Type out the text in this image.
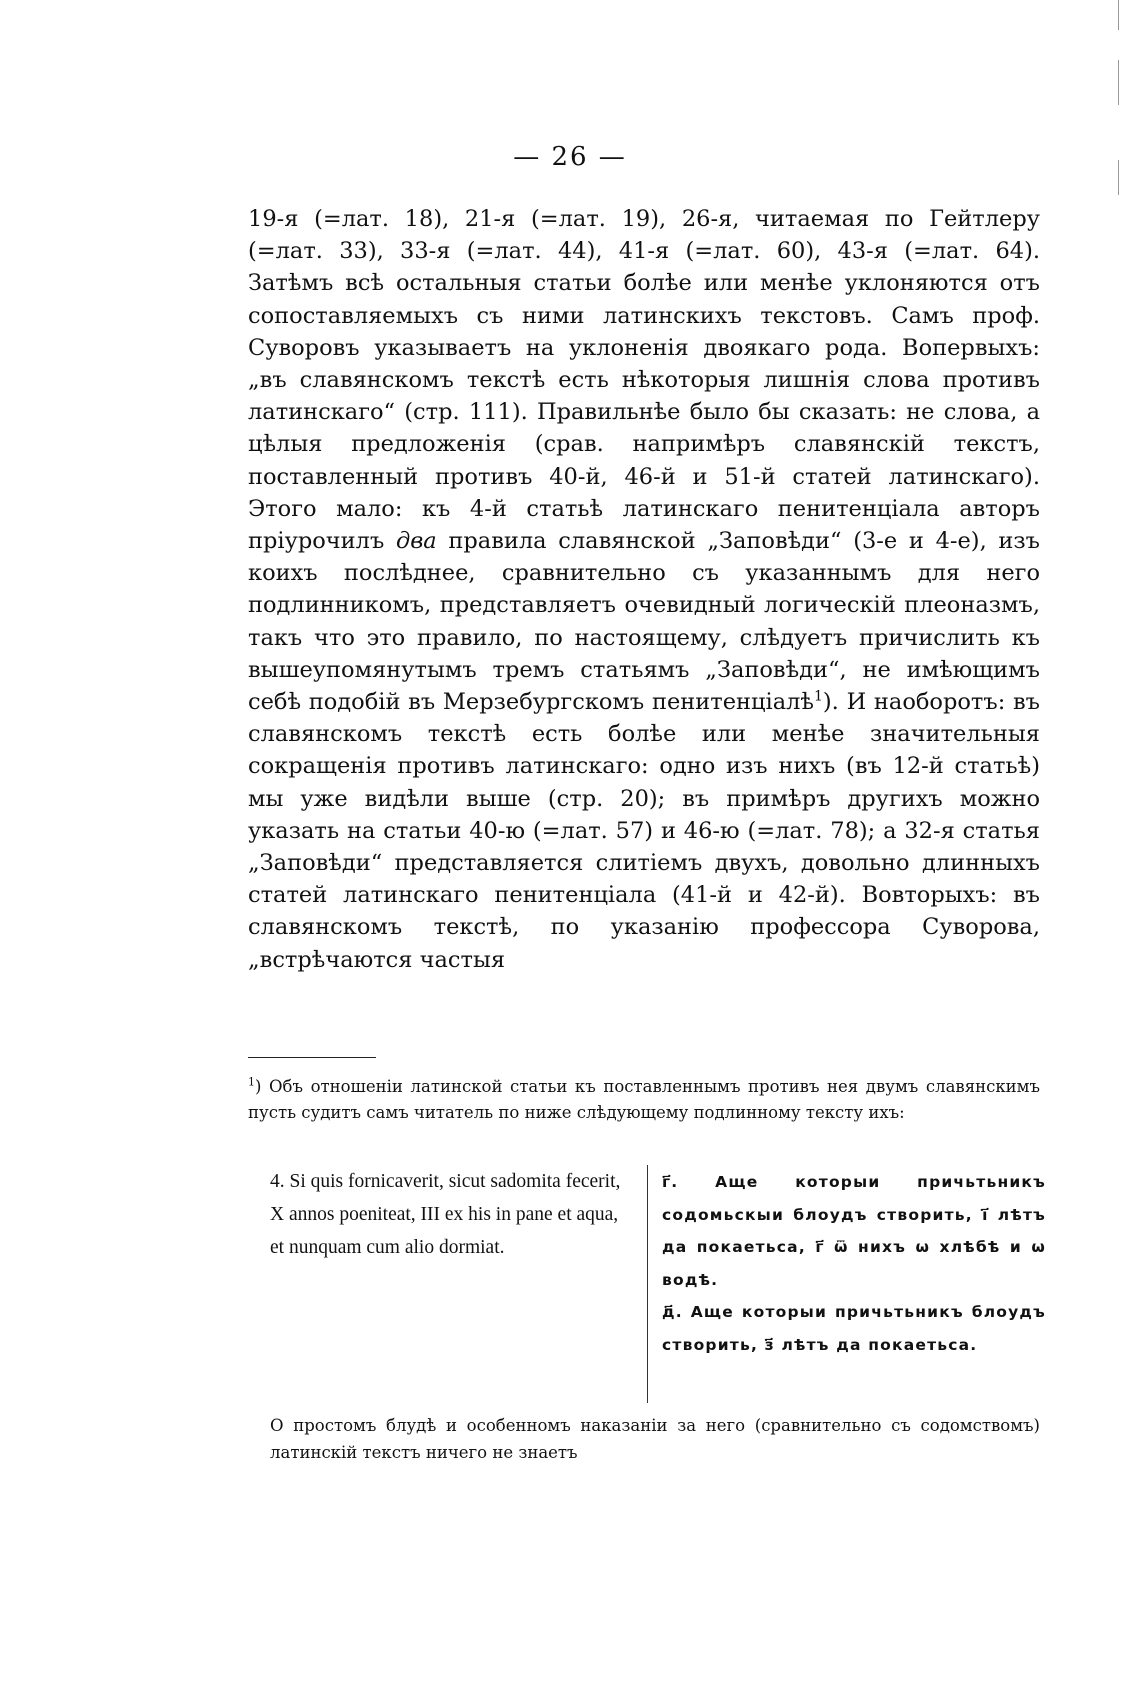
— 26 —

19-я (=лат. 18), 21-я (=лат. 19), 26-я, читаемая по Гейтлеру (=лат. 33), 33-я (=лат. 44), 41-я (=лат. 60), 43-я (=лат. 64). Затѣмъ всѣ остальныя статьи болѣе или менѣе уклоняются отъ сопоставляемыхъ съ ними латинскихъ текстовъ. Самъ проф. Суворовъ указываетъ на уклоненія двоякаго рода. Вопервыхъ: „въ славянскомъ текстѣ есть нѣкоторыя лишнія слова противъ латинскаго“ (стр. 111). Правильнѣе было бы сказать: не слова, а цѣлыя предложенія (срав. напримѣръ славянскій текстъ, поставленный противъ 40-й, 46-й и 51-й статей латинскаго). Этого мало: къ 4-й статьѣ латинскаго пенитенціала авторъ пріурочилъ два правила славянской „Заповѣди“ (3-е и 4-е), изъ коихъ послѣднее, сравнительно съ указаннымъ для него подлинникомъ, представляетъ очевидный логическій плеоназмъ, такъ что это правило, по настоящему, слѣдуетъ причислить къ вышеупомянутымъ тремъ статьямъ „Заповѣди“, не имѣющимъ себѣ подобій въ Мерзебургскомъ пенитенціалѣ$^1$). И наоборотъ: въ славянскомъ текстѣ есть болѣе или менѣе значительныя сокращенія противъ латинскаго: одно изъ нихъ (въ 12-й статьѣ) мы уже видѣли выше (стр. 20); въ примѣръ другихъ можно указать на статьи 40-ю (=лат. 57) и 46-ю (=лат. 78); а 32-я статья „Заповѣди“ представляется слитіемъ двухъ, довольно длинныхъ статей латинскаго пенитенціала (41-й и 42-й). Вовторыхъ: въ славянскомъ текстѣ, по указанію профессора Суворова, „встрѣчаются частыя

$^1$) Объ отношеніи латинской статьи къ поставленнымъ противъ нея двумъ славянскимъ пусть судитъ самъ читатель по ниже слѣдующему подлинному тексту ихъ:

4. Si quis fornicaverit, sicut sadomita fecerit, X annos poeniteat, III ex his in pane et aqua, et nunquam cum alio dormiat.

г҃. Аще которыи причьтьникъ содомьскыи блоудъ створить, і҃ лѣтъ да покаетьса, г҃ ѿ нихъ ѡ хлѣбѣ и ѡ водѣ.
д҃. Аще которыи причьтьникъ блоудъ створить, з҃ лѣтъ да покаетьса.

О простомъ блудѣ и особенномъ наказаніи за него (сравнительно съ содомствомъ) латинскій текстъ ничего не знаетъ
